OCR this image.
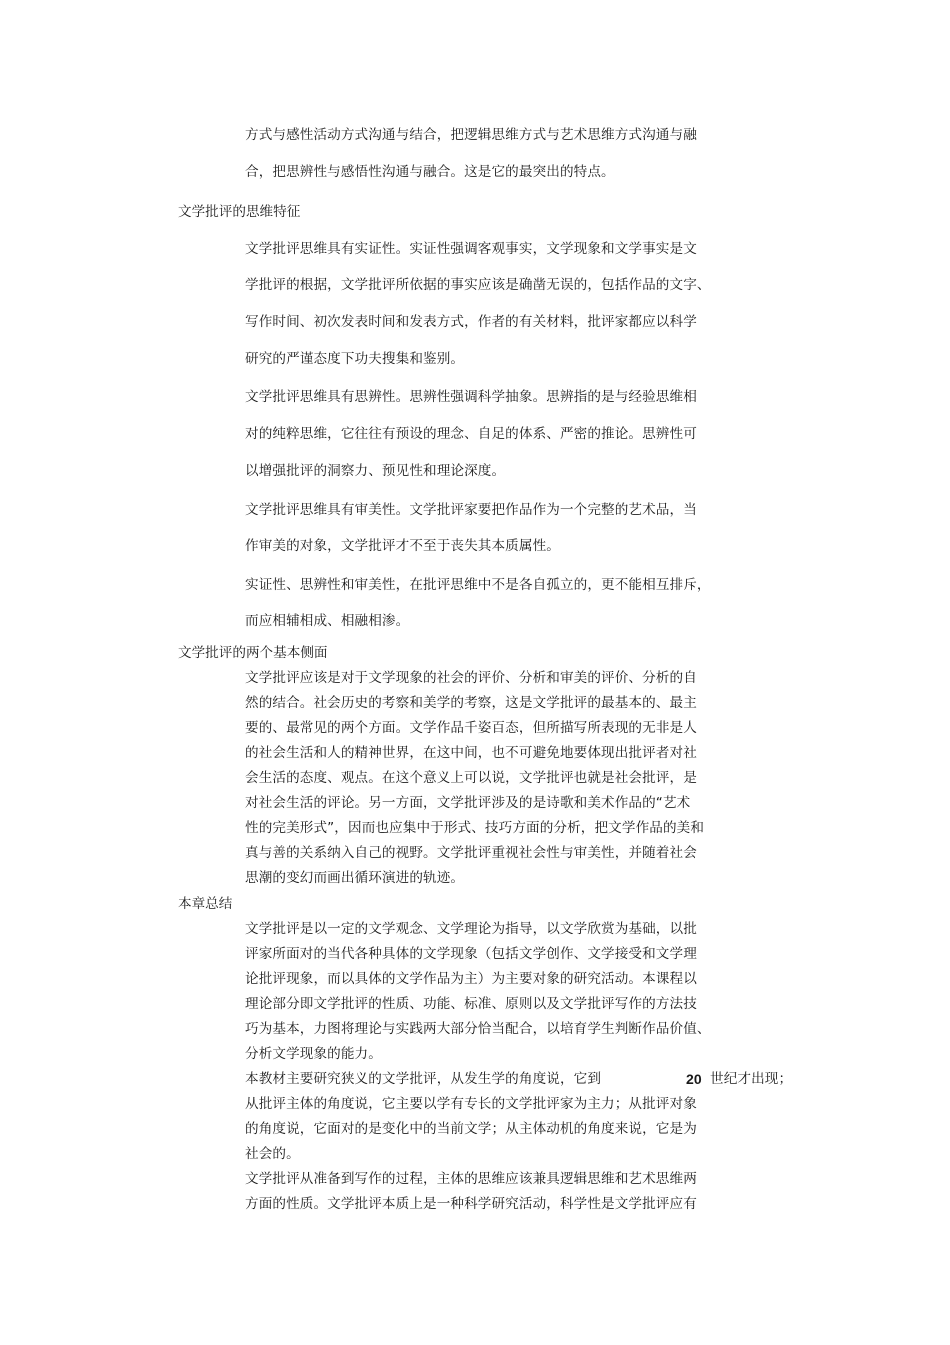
方式与感性活动方式沟通与结合，把逻辑思维方式与艺术思维方式沟通与融
合，把思辨性与感悟性沟通与融合。这是它的最突出的特点。
文学批评的思维特征
文学批评思维具有实证性。实证性强调客观事实，文学现象和文学事实是文
学批评的根据，文学批评所依据的事实应该是确凿无误的，包括作品的文字、
写作时间、初次发表时间和发表方式，作者的有关材料，批评家都应以科学
研究的严谨态度下功夫搜集和鉴别。
文学批评思维具有思辨性。思辨性强调科学抽象。思辨指的是与经验思维相
对的纯粹思维，它往往有预设的理念、自足的体系、严密的推论。思辨性可
以增强批评的洞察力、预见性和理论深度。
文学批评思维具有审美性。文学批评家要把作品作为一个完整的艺术品，当
作审美的对象，文学批评才不至于丧失其本质属性。
实证性、思辨性和审美性，在批评思维中不是各自孤立的，更不能相互排斥，
而应相辅相成、相融相渗。
文学批评的两个基本侧面
文学批评应该是对于文学现象的社会的评价、分析和审美的评价、分析的自
然的结合。社会历史的考察和美学的考察，这是文学批评的最基本的、最主
要的、最常见的两个方面。文学作品千姿百态，但所描写所表现的无非是人
的社会生活和人的精神世界，在这中间，也不可避免地要体现出批评者对社
会生活的态度、观点。在这个意义上可以说，文学批评也就是社会批评，是
对社会生活的评论。另一方面，文学批评涉及的是诗歌和美术作品的“艺术
性的完美形式”，因而也应集中于形式、技巧方面的分析，把文学作品的美和
真与善的关系纳入自己的视野。文学批评重视社会性与审美性，并随着社会
思潮的变幻而画出循环演进的轨迹。
本章总结
文学批评是以一定的文学观念、文学理论为指导，以文学欣赏为基础，以批
评家所面对的当代各种具体的文学现象（包括文学创作、文学接受和文学理
论批评现象，而以具体的文学作品为主）为主要对象的研究活动。本课程以
理论部分即文学批评的性质、功能、标准、原则以及文学批评写作的方法技
巧为基本，力图将理论与实践两大部分恰当配合，以培育学生判断作品价值、
分析文学现象的能力。
本教材主要研究狭义的文学批评，从发生学的角度说，它到	20 世纪才出现；
从批评主体的角度说，它主要以学有专长的文学批评家为主力；从批评对象
的角度说，它面对的是变化中的当前文学；从主体动机的角度来说，它是为
社会的。
文学批评从准备到写作的过程，主体的思维应该兼具逻辑思维和艺术思维两
方面的性质。文学批评本质上是一种科学研究活动，科学性是文学批评应有
